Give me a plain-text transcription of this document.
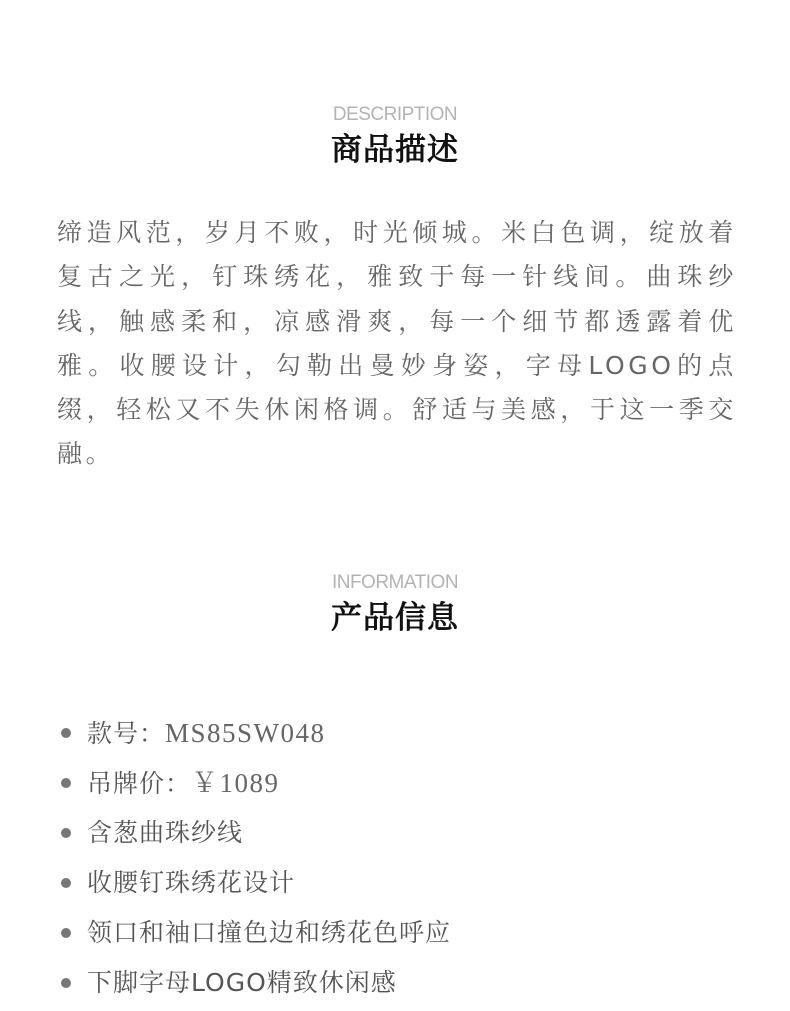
DESCRIPTION

商品描述

缔造风范，岁月不败，时光倾城。米白色调，绽放着复古之光，钉珠绣花，雅致于每一针线间。曲珠纱线，触感柔和，凉感滑爽，每一个细节都透露着优雅。收腰设计，勾勒出曼妙身姿，字母LOGO的点缀，轻松又不失休闲格调。舒适与美感，于这一季交融。

INFORMATION

产品信息
款号：MS85SW048
吊牌价：￥1089
含葱曲珠纱线
收腰钉珠绣花设计
领口和袖口撞色边和绣花色呼应
下脚字母LOGO精致休闲感
